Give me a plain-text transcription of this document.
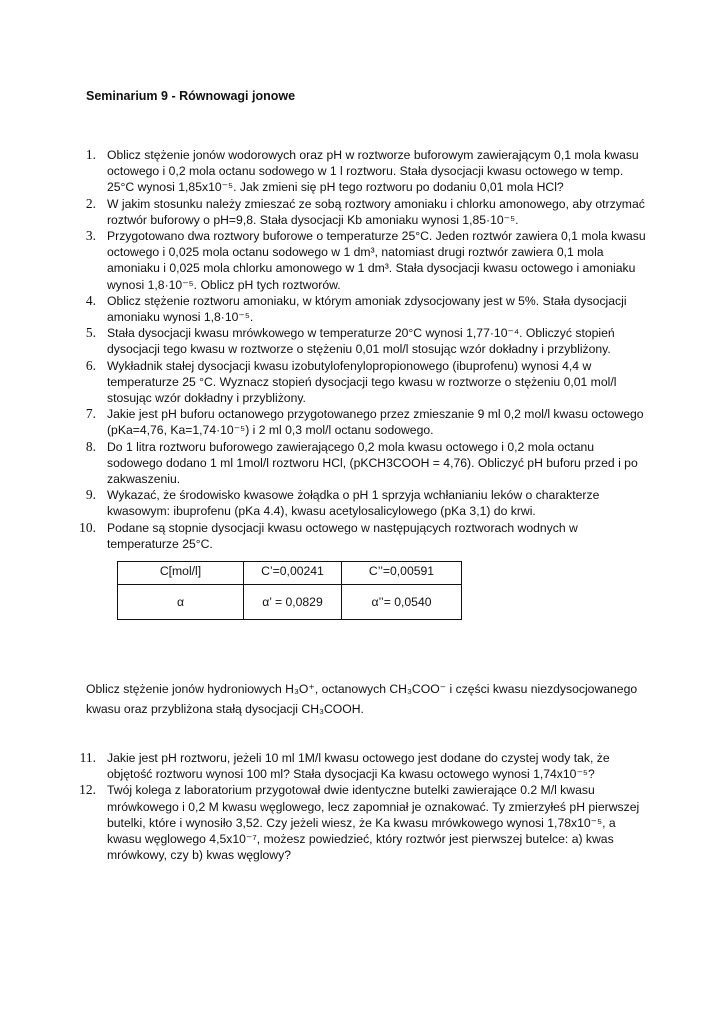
Seminarium 9 - Równowagi jonowe
1. Oblicz stężenie jonów wodorowych oraz pH w roztworze buforowym zawierającym 0,1 mola kwasu octowego i 0,2 mola octanu sodowego w 1 l roztworu. Stała dysocjacji kwasu octowego w temp. 25°C wynosi 1,85x10⁻⁵. Jak zmieni się pH tego roztworu po dodaniu 0,01 mola HCl?
2. W jakim stosunku należy zmieszać ze sobą roztwory amoniaku i chlorku amonowego, aby otrzymać roztwór buforowy o pH=9,8. Stała dysocjacji Kb amoniaku wynosi 1,85·10⁻⁵.
3. Przygotowano dwa roztwory buforowe o temperaturze 25°C. Jeden roztwór zawiera 0,1 mola kwasu octowego i 0,025 mola octanu sodowego w 1 dm³, natomiast drugi roztwór zawiera 0,1 mola amoniaku i 0,025 mola chlorku amonowego w 1 dm³. Stała dysocjacji kwasu octowego i amoniaku wynosi 1,8·10⁻⁵. Oblicz pH tych roztworów.
4. Oblicz stężenie roztworu amoniaku, w którym amoniak zdysocjowany jest w 5%. Stała dysocjacji amoniaku wynosi 1,8·10⁻⁵.
5. Stała dysocjacji kwasu mrówkowego w temperaturze 20°C wynosi 1,77·10⁻⁴. Obliczyć stopień dysocjacji tego kwasu w roztworze o stężeniu 0,01 mol/l stosując wzór dokładny i przybliżony.
6. Wykładnik stałej dysocjacji kwasu izobutylofenylopropionowego (ibuprofenu) wynosi 4,4 w temperaturze 25 °C. Wyznacz stopień dysocjacji tego kwasu w roztworze o stężeniu 0,01 mol/l stosując wzór dokładny i przybliżony.
7. Jakie jest pH buforu octanowego przygotowanego przez zmieszanie 9 ml 0,2 mol/l kwasu octowego (pKa=4,76, Ka=1,74·10⁻⁵) i 2 ml 0,3 mol/l octanu sodowego.
8. Do 1 litra roztworu buforowego zawierającego 0,2 mola kwasu octowego i 0,2 mola octanu sodowego dodano 1 ml 1mol/l roztworu HCl, (pKCH3COOH = 4,76). Obliczyć pH buforu przed i po zakwaszeniu.
9. Wykazać, że środowisko kwasowe żołądka o pH 1 sprzyja wchłanianiu leków o charakterze kwasowym: ibuprofenu (pKa 4.4), kwasu acetylosalicylowego (pKa 3,1) do krwi.
10. Podane są stopnie dysocjacji kwasu octowego w następujących roztworach wodnych w temperaturze 25°C.
C[mol/l]	C’=0,00241	C’’=0,00591
α	α’ = 0,0829	α’’= 0,0540

Oblicz stężenie jonów hydroniowych H₃O⁺, octanowych CH₃COO⁻ i części kwasu niezdysocjowanego kwasu oraz przybliżona stałą dysocjacji CH₃COOH.

11. Jakie jest pH roztworu, jeżeli 10 ml 1M/l kwasu octowego jest dodane do czystej wody tak, że objętość roztworu wynosi 100 ml? Stała dysocjacji Ka kwasu octowego wynosi 1,74x10⁻⁵?
12. Twój kolega z laboratorium przygotował dwie identyczne butelki zawierające 0.2 M/l kwasu mrówkowego i 0,2 M kwasu węglowego, lecz zapomniał je oznakować. Ty zmierzyłeś pH pierwszej butelki, które i wynosiło 3,52. Czy jeżeli wiesz, że Ka kwasu mrówkowego wynosi 1,78x10⁻⁵, a kwasu węglowego 4,5x10⁻⁷, możesz powiedzieć, który roztwór jest pierwszej butelce: a) kwas mrówkowy, czy b) kwas węglowy?
